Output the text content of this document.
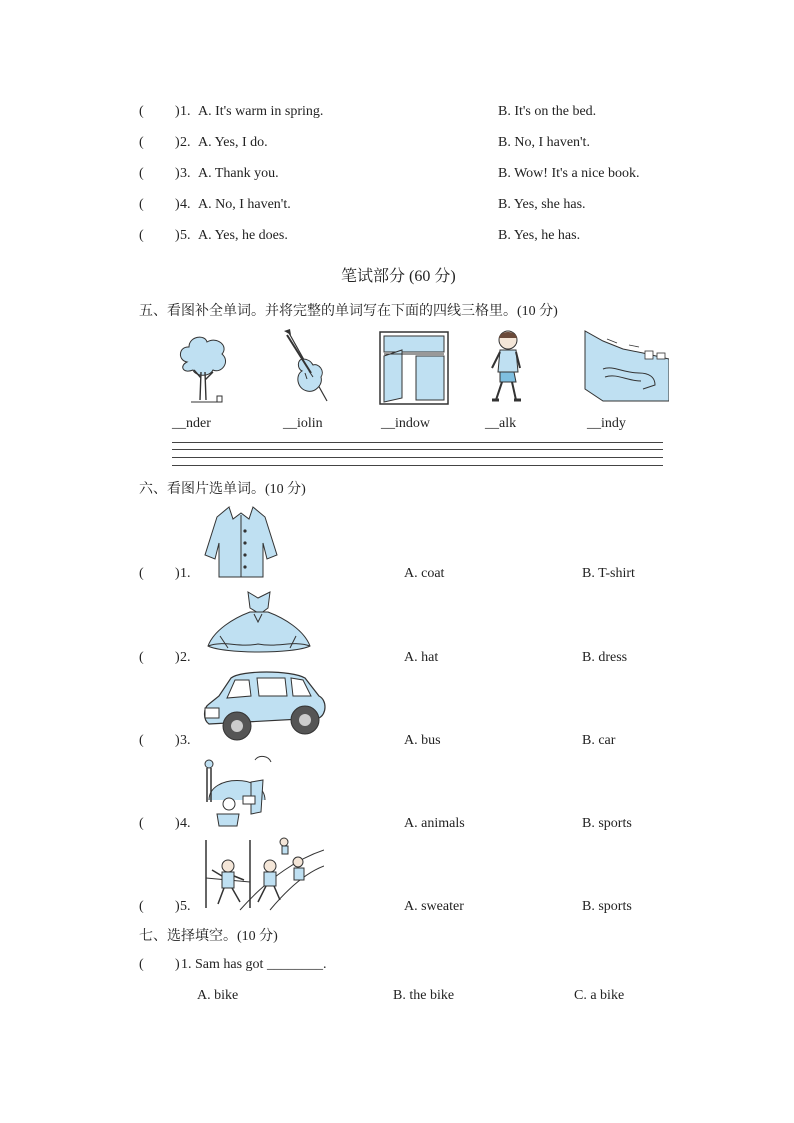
( ) 1. A. It's warm in spring.	B. It's on the bed.
( ) 2. A. Yes, I do.	B. No, I haven't.
( ) 3. A. Thank you.	B. Wow! It's a nice book.
( ) 4. A. No, I haven't.	B. Yes, she has.
( ) 5. A. Yes, he does.	B. Yes, he has.
笔试部分 (60 分)
五、看图补全单词。并将完整的单词写在下面的四线三格里。(10 分)
__nder	__iolin	__indow	__alk	__indy
六、看图片选单词。(10 分)
( ) 1.	A. coat	B. T-shirt
( ) 2.	A. hat	B. dress
( ) 3.	A. bus	B. car
( ) 4.	A. animals	B. sports
( ) 5.	A. sweater	B. sports
七、选择填空。(10 分)
( ) 1. Sam has got ________.
A. bike	B. the bike	C. a bike
